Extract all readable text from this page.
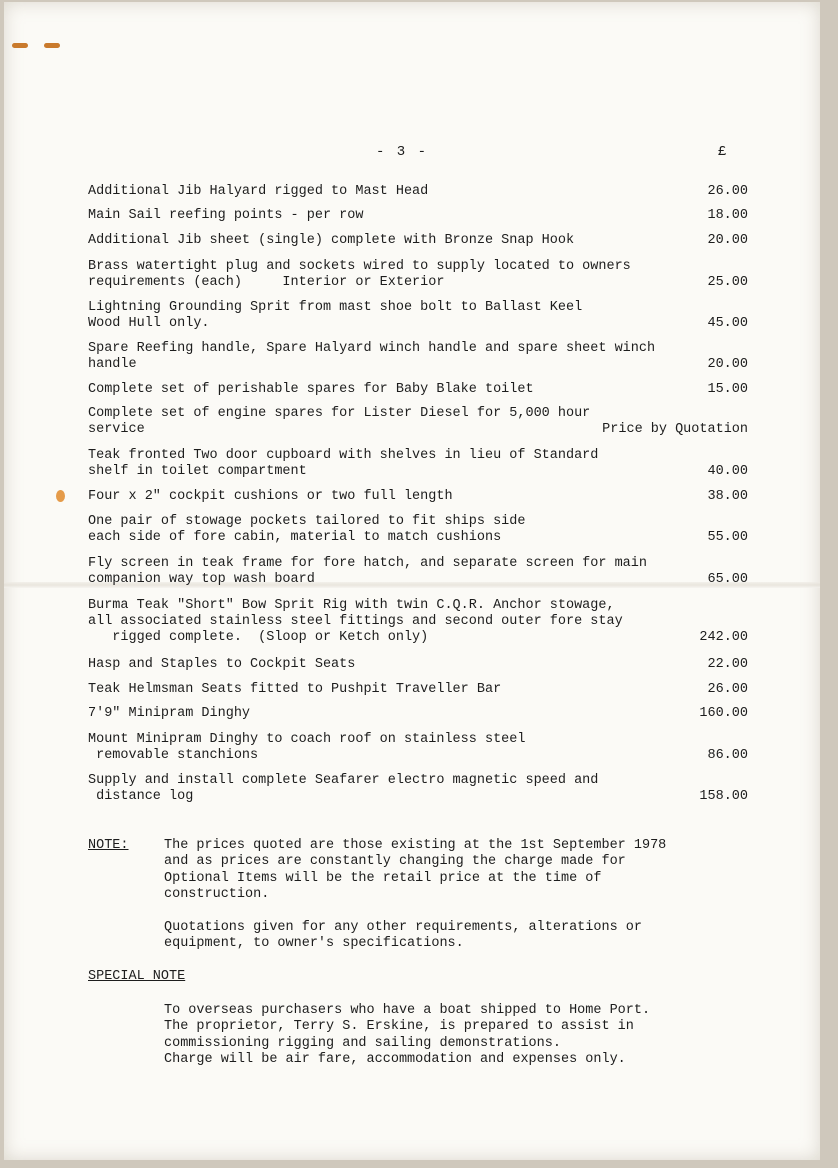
- 3 -	£
Additional Jib Halyard rigged to Mast Head	26.00
Main Sail reefing points - per row	18.00
Additional Jib sheet (single) complete with Bronze Snap Hook	20.00
Brass watertight plug and sockets wired to supply located to owners
requirements (each)     Interior or Exterior	25.00
Lightning Grounding Sprit from mast shoe bolt to Ballast Keel
Wood Hull only.	45.00
Spare Reefing handle, Spare Halyard winch handle and spare sheet winch
handle	20.00
Complete set of perishable spares for Baby Blake toilet	15.00
Complete set of engine spares for Lister Diesel for 5,000 hour
service	Price by Quotation
Teak fronted Two door cupboard with shelves in lieu of Standard
shelf in toilet compartment	40.00
Four x 2" cockpit cushions or two full length	38.00
One pair of stowage pockets tailored to fit ships side
each side of fore cabin, material to match cushions	55.00
Fly screen in teak frame for fore hatch, and separate screen for main
companion way top wash board	65.00
Burma Teak "Short" Bow Sprit Rig with twin C.Q.R. Anchor stowage,
all associated stainless steel fittings and second outer fore stay
rigged complete.  (Sloop or Ketch only)	242.00
Hasp and Staples to Cockpit Seats	22.00
Teak Helmsman Seats fitted to Pushpit Traveller Bar	26.00
7'9" Minipram Dinghy	160.00
Mount Minipram Dinghy to coach roof on stainless steel
removable stanchions	86.00
Supply and install complete Seafarer electro magnetic speed and
distance log	158.00
NOTE:	The prices quoted are those existing at the 1st September 1978
and as prices are constantly changing the charge made for
Optional Items will be the retail price at the time of
construction.
Quotations given for any other requirements, alterations or
equipment, to owner's specifications.
SPECIAL NOTE
To overseas purchasers who have a boat shipped to Home Port.
The proprietor, Terry S. Erskine, is prepared to assist in
commissioning rigging and sailing demonstrations.
Charge will be air fare, accommodation and expenses only.
